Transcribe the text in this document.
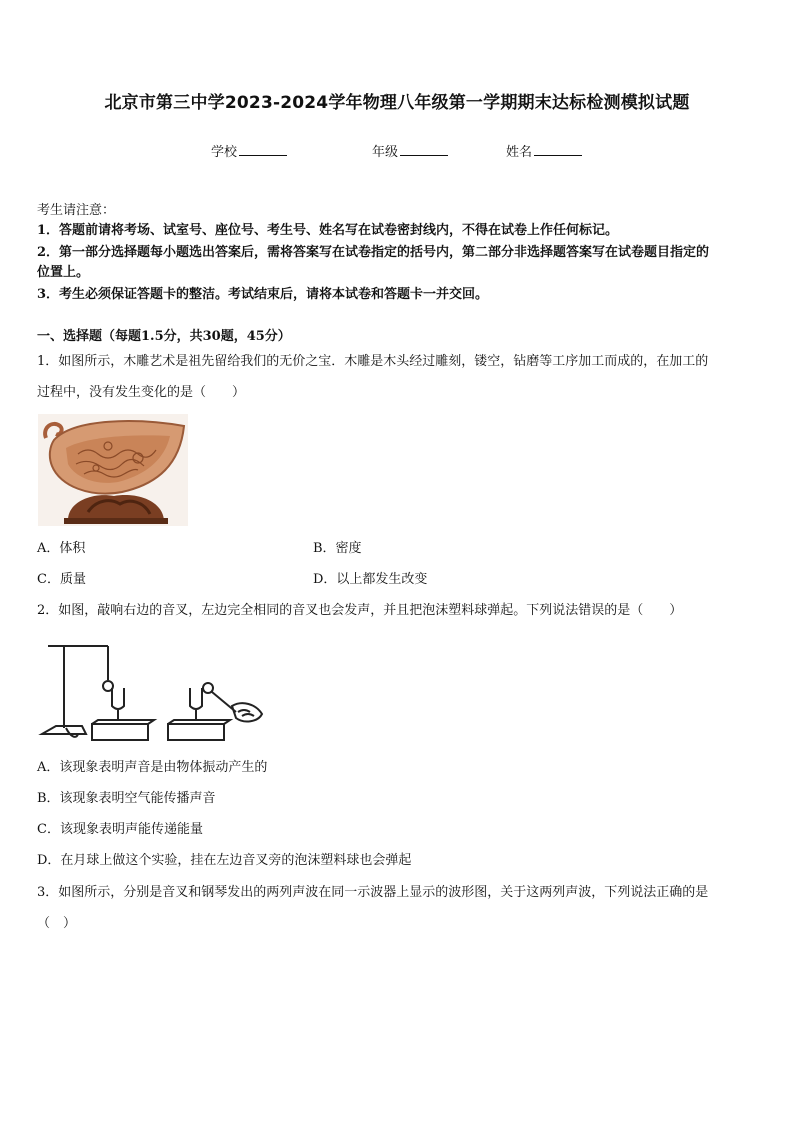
北京市第三中学2023-2024学年物理八年级第一学期期末达标检测模拟试题
学校	年级	姓名
考生请注意：
1．答题前请将考场、试室号、座位号、考生号、姓名写在试卷密封线内，不得在试卷上作任何标记。
2．第一部分选择题每小题选出答案后，需将答案写在试卷指定的括号内，第二部分非选择题答案写在试卷题目指定的
位置上。
3．考生必须保证答题卡的整洁。考试结束后，请将本试卷和答题卡一并交回。
一、选择题（每题1.5分，共30题，45分）
1．如图所示，木雕艺术是祖先留给我们的无价之宝．木雕是木头经过雕刻，镂空，钻磨等工序加工而成的，在加工的
过程中，没有发生变化的是（　　）
A．体积	B．密度
C．质量	D．以上都发生改变
2．如图，敲响右边的音叉，左边完全相同的音叉也会发声，并且把泡沫塑料球弹起。下列说法错误的是（　　）
A．该现象表明声音是由物体振动产生的
B．该现象表明空气能传播声音
C．该现象表明声能传递能量
D．在月球上做这个实验，挂在左边音叉旁的泡沫塑料球也会弹起
3．如图所示，分别是音叉和钢琴发出的两列声波在同一示波器上显示的波形图，关于这两列声波，下列说法正确的是
（　）
